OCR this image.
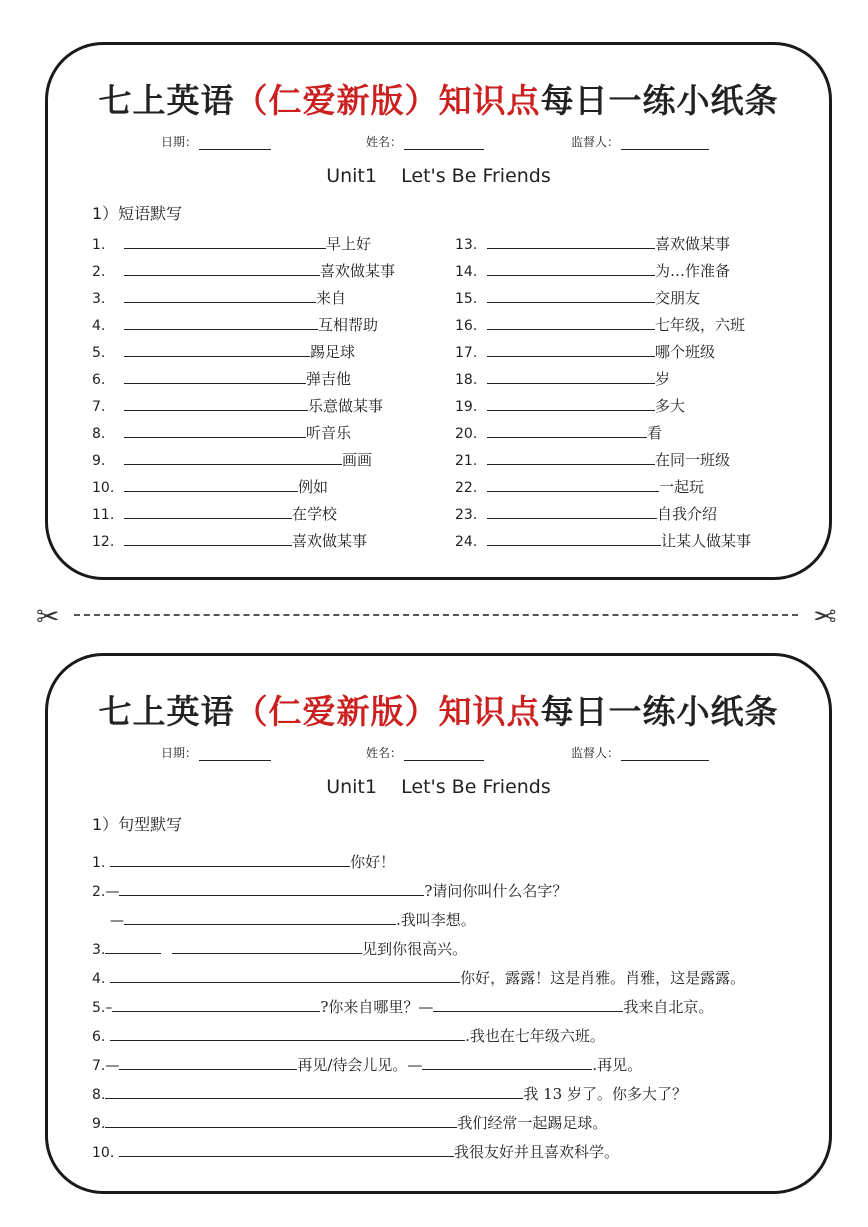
七上英语（仁爱新版）知识点每日一练小纸条
日期：	姓名：	监督人：
Unit1    Let's Be Friends
1）短语默写
1.	早上好
2.	喜欢做某事
3.	来自
4.	互相帮助
5.	踢足球
6.	弹吉他
7.	乐意做某事
8.	听音乐
9.	画画
10.	例如
11.	在学校
12.	喜欢做某事
13.	喜欢做某事
14.	为…作准备
15.	交朋友
16.	七年级，六班
17.	哪个班级
18.	岁
19.	多大
20.	看
21.	在同一班级
22.	一起玩
23.	自我介绍
24.	让某人做某事
✂	✂
七上英语（仁爱新版）知识点每日一练小纸条
日期：	姓名：	监督人：
Unit1    Let's Be Friends
1）句型默写
1.	你好！
2.—	?请问你叫什么名字？
—	.我叫李想。
3.	见到你很高兴。
4.	你好，露露！这是肖雅。肖雅，这是露露。
5.–	?你来自哪里？—	我来自北京。
6.	.我也在七年级六班。
7.—	再见/待会儿见。—	.再见。
8.	我 13 岁了。你多大了？
9.	我们经常一起踢足球。
10.	我很友好并且喜欢科学。
